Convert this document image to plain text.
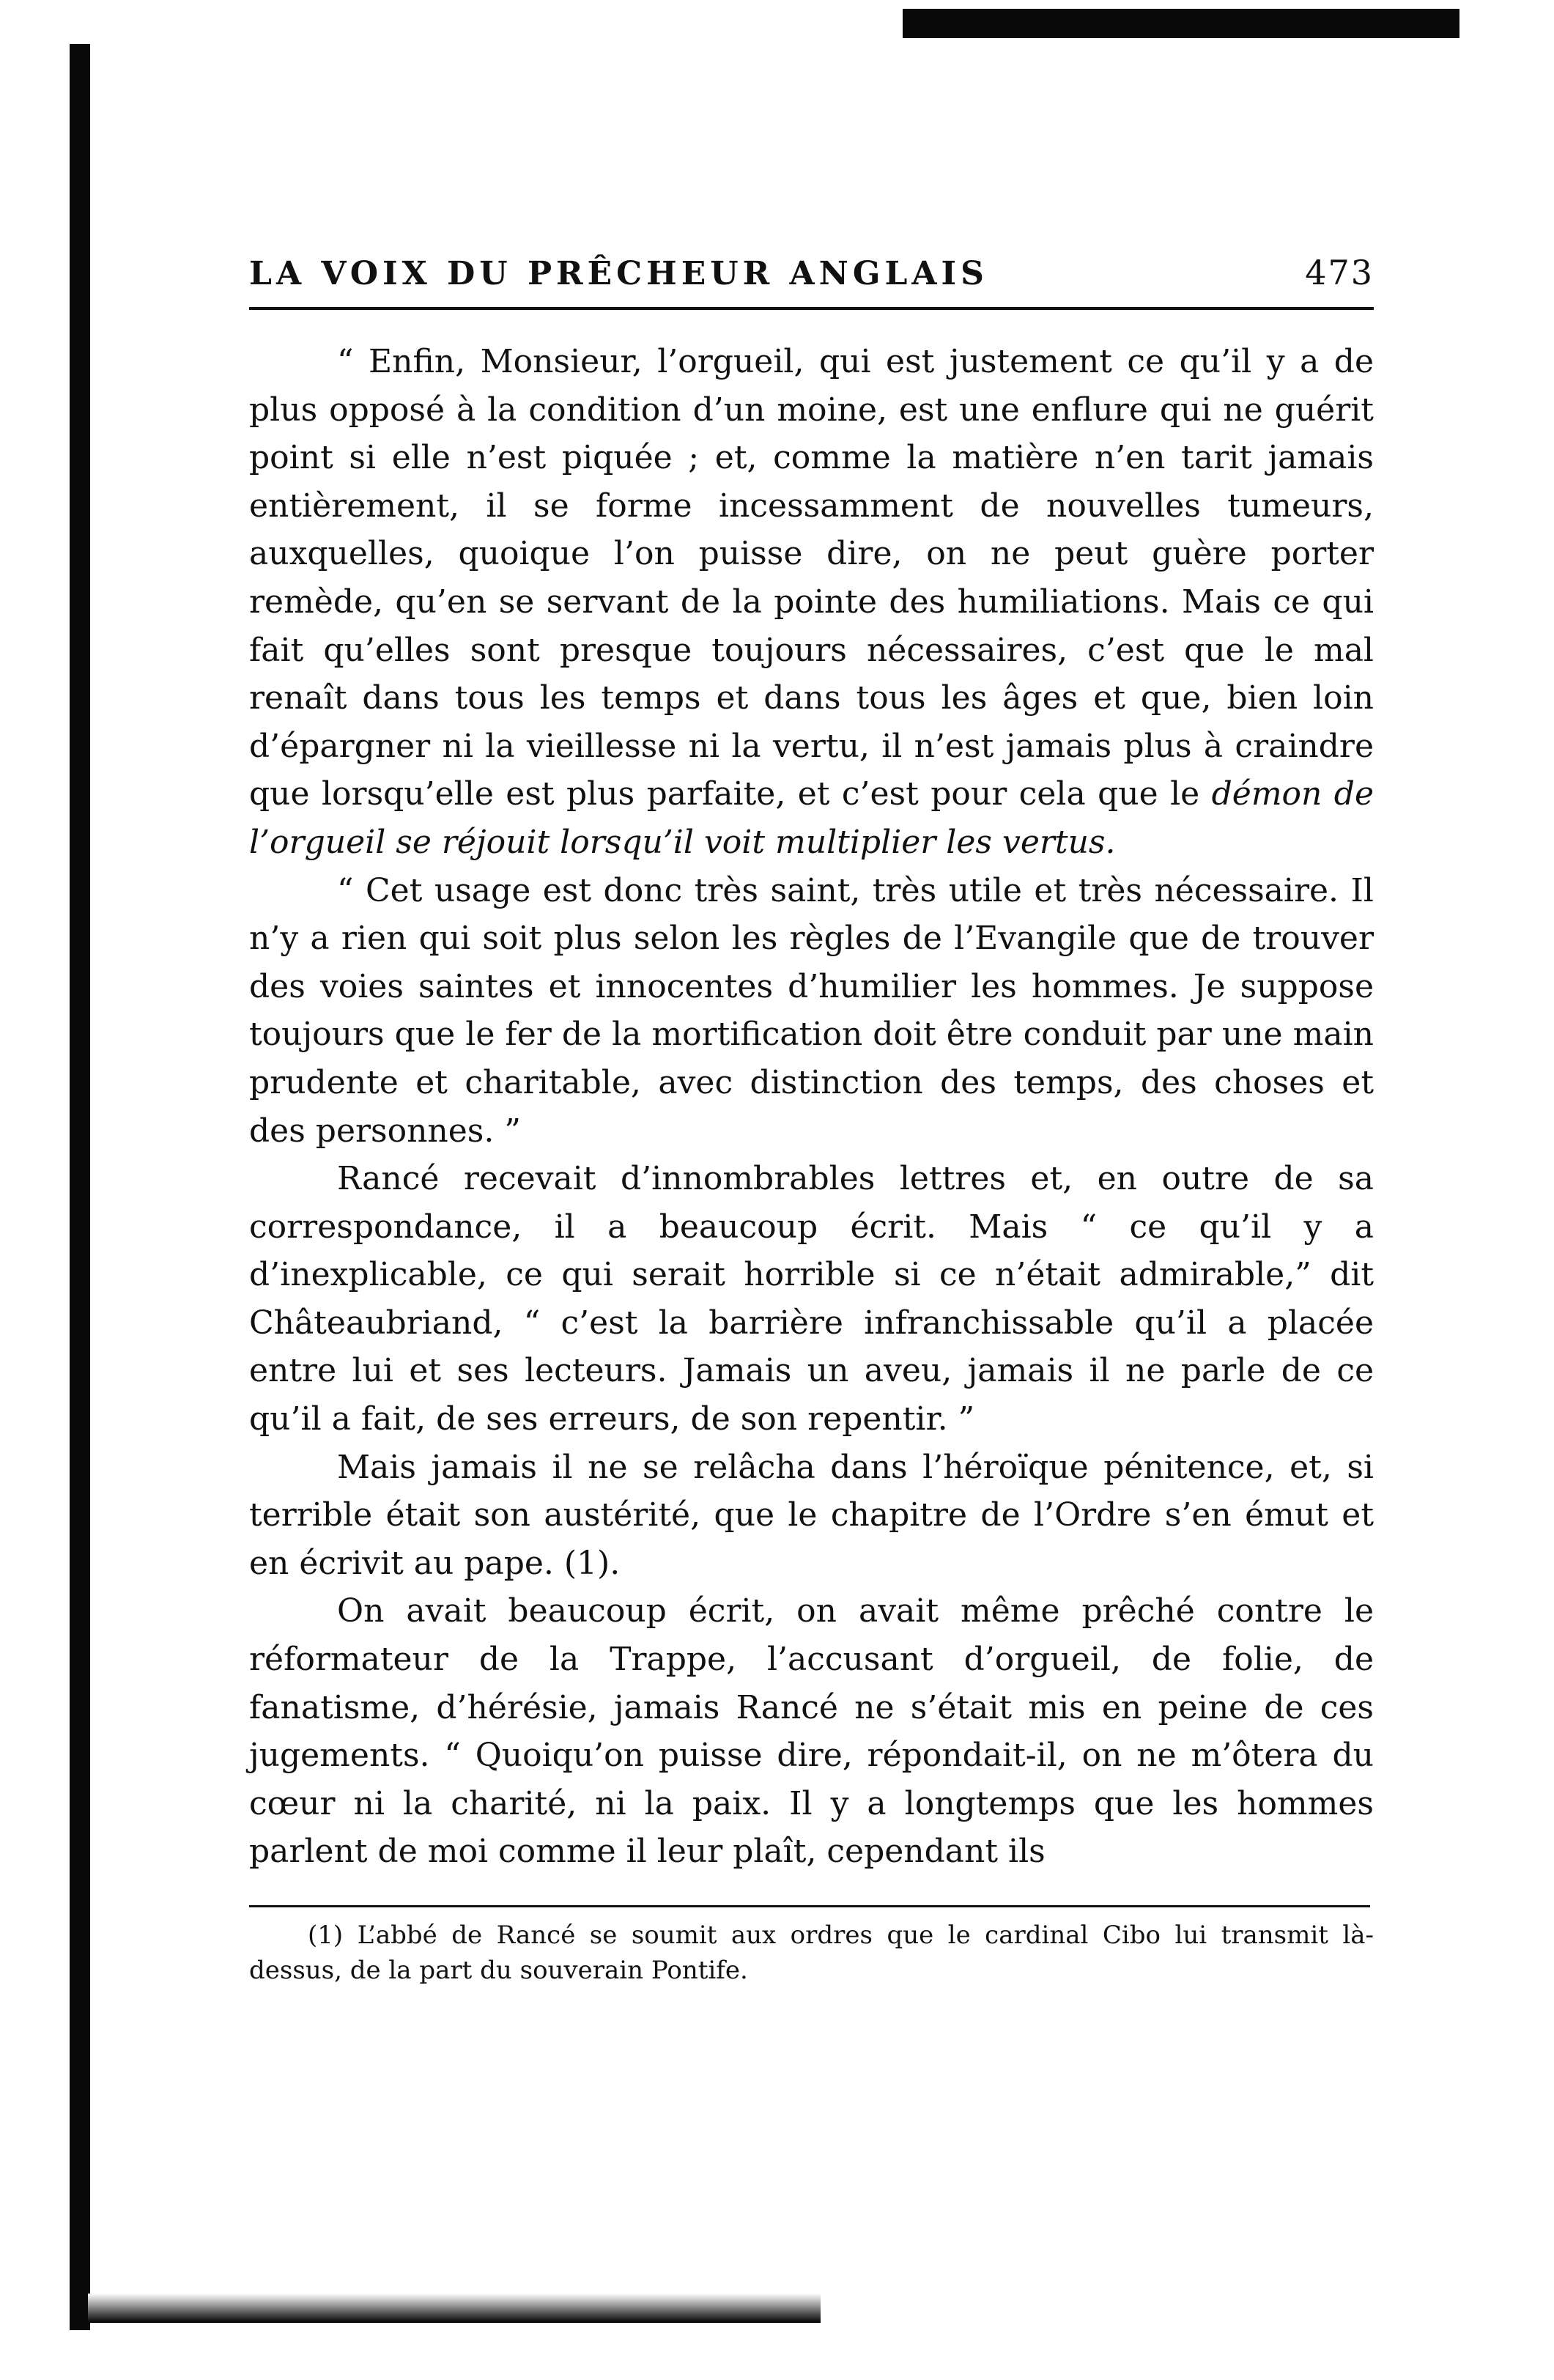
LA VOIX DU PRÊCHEUR ANGLAIS	473

“ Enfin, Monsieur, l’orgueil, qui est justement ce qu’il y a de plus opposé à la condition d’un moine, est une enflure qui ne guérit point si elle n’est piquée ; et, comme la matière n’en tarit jamais entièrement, il se forme incessamment de nouvelles tumeurs, auxquelles, quoique l’on puisse dire, on ne peut guère porter remède, qu’en se servant de la pointe des humiliations. Mais ce qui fait qu’elles sont presque toujours nécessaires, c’est que le mal renaît dans tous les temps et dans tous les âges et que, bien loin d’épargner ni la vieillesse ni la vertu, il n’est jamais plus à craindre que lorsqu’elle est plus parfaite, et c’est pour cela que le démon de l’orgueil se réjouit lorsqu’il voit multiplier les vertus.

“ Cet usage est donc très saint, très utile et très nécessaire. Il n’y a rien qui soit plus selon les règles de l’Evangile que de trouver des voies saintes et innocentes d’humilier les hommes. Je suppose toujours que le fer de la mortification doit être conduit par une main prudente et charitable, avec distinction des temps, des choses et des personnes. ”

Rancé recevait d’innombrables lettres et, en outre de sa correspondance, il a beaucoup écrit. Mais “ ce qu’il y a d’inexplicable, ce qui serait horrible si ce n’était admirable,” dit Châteaubriand, “ c’est la barrière infranchissable qu’il a placée entre lui et ses lecteurs. Jamais un aveu, jamais il ne parle de ce qu’il a fait, de ses erreurs, de son repentir. ”

Mais jamais il ne se relâcha dans l’héroïque pénitence, et, si terrible était son austérité, que le chapitre de l’Ordre s’en émut et en écrivit au pape. (1).

On avait beaucoup écrit, on avait même prêché contre le réformateur de la Trappe, l’accusant d’orgueil, de folie, de fanatisme, d’hérésie, jamais Rancé ne s’était mis en peine de ces jugements. “ Quoiqu’on puisse dire, répondait-il, on ne m’ôtera du cœur ni la charité, ni la paix. Il y a longtemps que les hommes parlent de moi comme il leur plaît, cependant ils

(1) L’abbé de Rancé se soumit aux ordres que le cardinal Cibo lui transmit là-dessus, de la part du souverain Pontife.
